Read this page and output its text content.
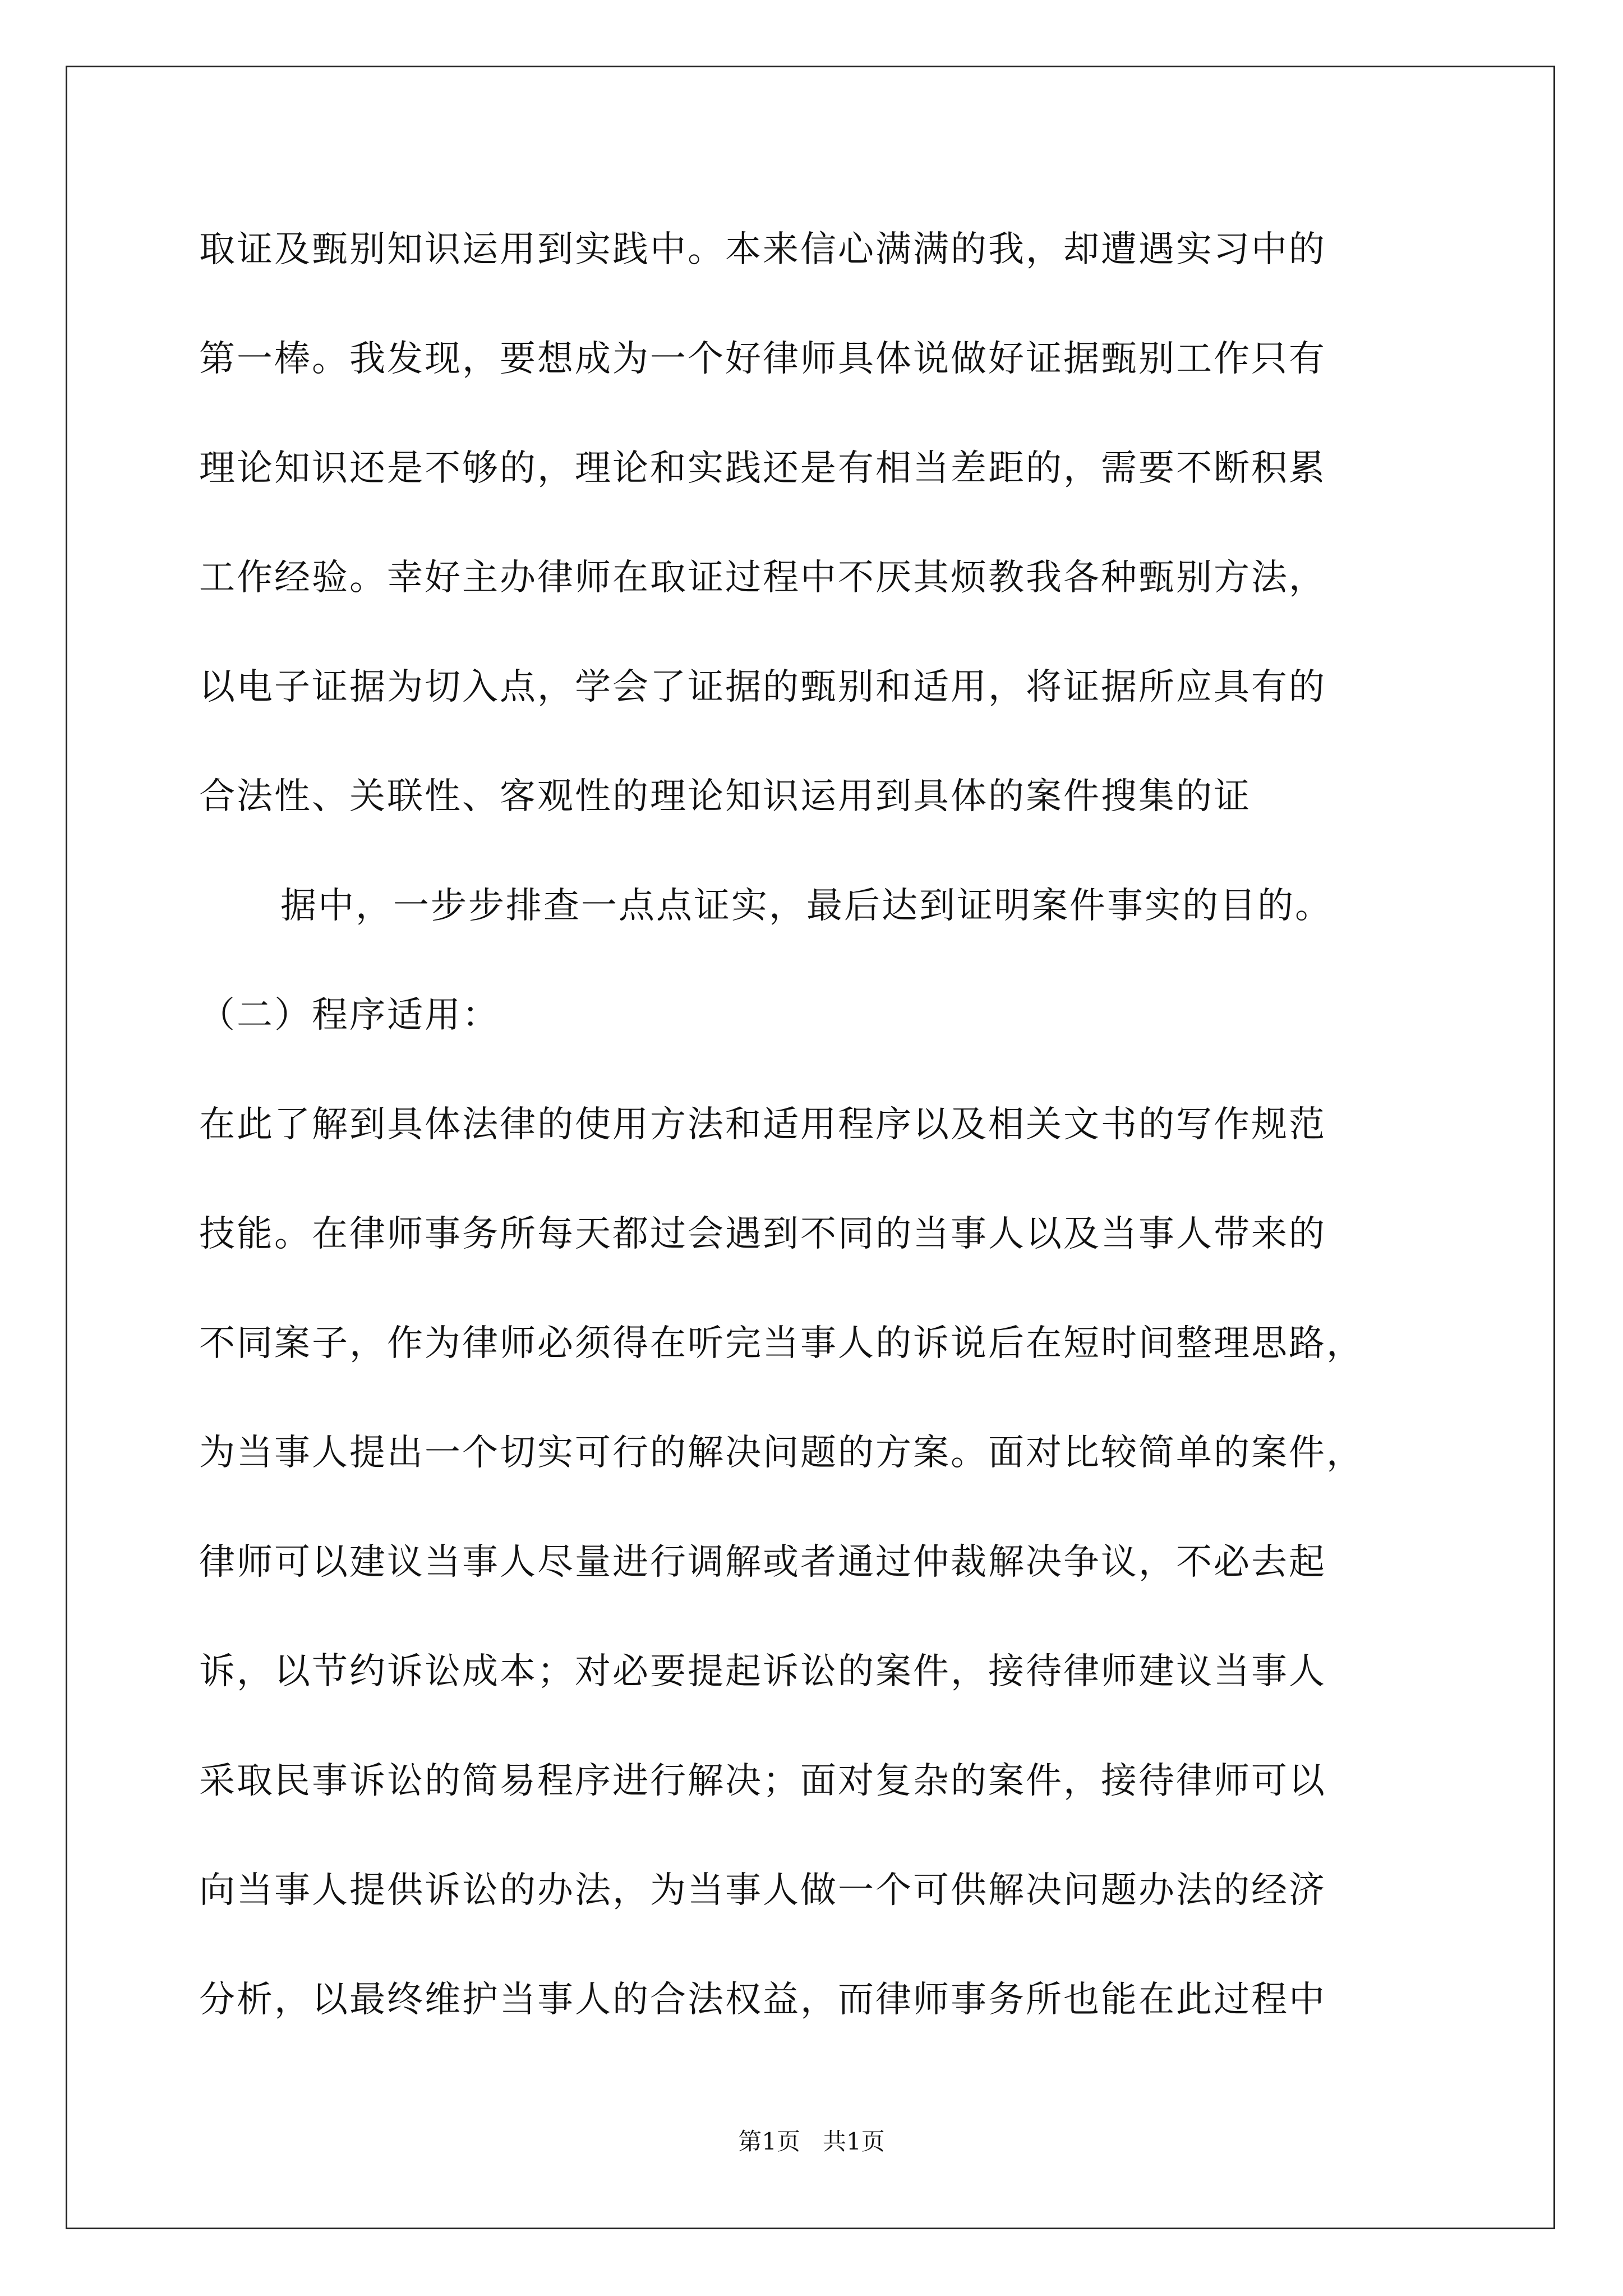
取证及甄别知识运用到实践中。本来信心满满的我，却遭遇实习中的
第一棒。我发现，要想成为一个好律师具体说做好证据甄别工作只有
理论知识还是不够的，理论和实践还是有相当差距的，需要不断积累
工作经验。幸好主办律师在取证过程中不厌其烦教我各种甄别方法，
以电子证据为切入点，学会了证据的甄别和适用，将证据所应具有的
合法性、关联性、客观性的理论知识运用到具体的案件搜集的证
据中，一步步排查一点点证实，最后达到证明案件事实的目的。
（二）程序适用：
在此了解到具体法律的使用方法和适用程序以及相关文书的写作规范
技能。在律师事务所每天都过会遇到不同的当事人以及当事人带来的
不同案子，作为律师必须得在听完当事人的诉说后在短时间整理思路，
为当事人提出一个切实可行的解决问题的方案。面对比较简单的案件，
律师可以建议当事人尽量进行调解或者通过仲裁解决争议，不必去起
诉，以节约诉讼成本；对必要提起诉讼的案件，接待律师建议当事人
采取民事诉讼的简易程序进行解决；面对复杂的案件，接待律师可以
向当事人提供诉讼的办法，为当事人做一个可供解决问题办法的经济
分析，以最终维护当事人的合法权益，而律师事务所也能在此过程中
第1页   共1页
